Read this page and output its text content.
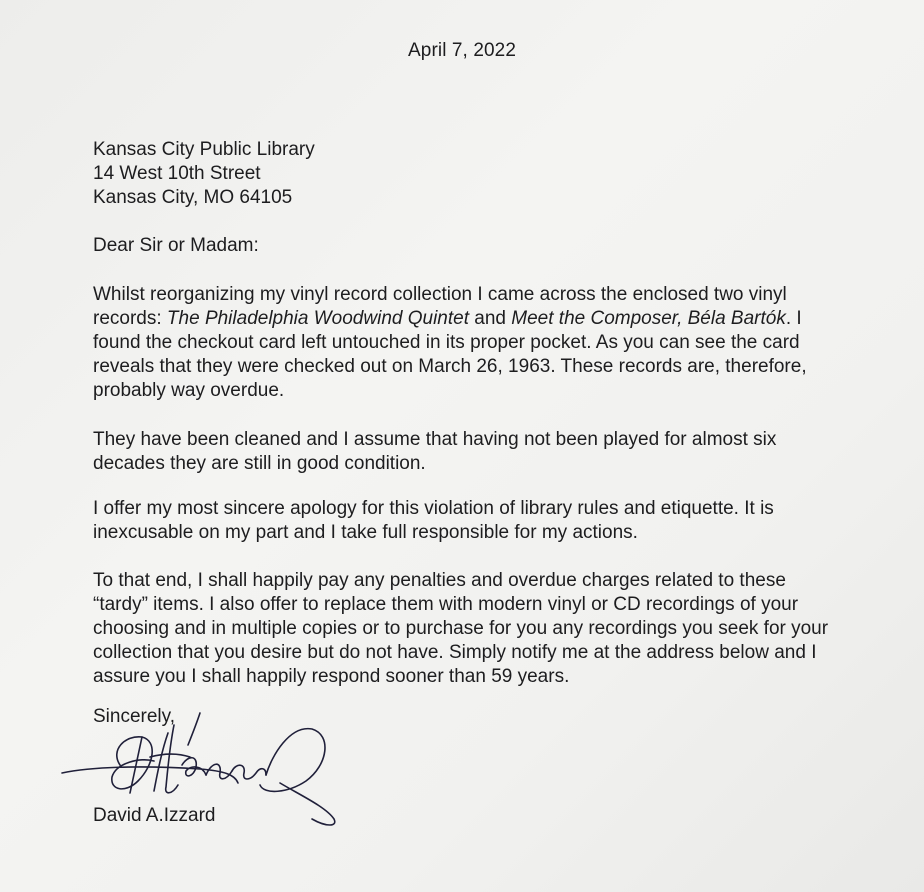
April 7, 2022
Kansas City Public Library
14 West 10th Street
Kansas City, MO 64105
Dear Sir or Madam:
Whilst reorganizing my vinyl record collection I came across the enclosed two vinyl
records: The Philadelphia Woodwind Quintet and Meet the Composer, Béla Bartók. I
found the checkout card left untouched in its proper pocket. As you can see the card
reveals that they were checked out on March 26, 1963. These records are, therefore,
probably way overdue.
They have been cleaned and I assume that having not been played for almost six
decades they are still in good condition.
I offer my most sincere apology for this violation of library rules and etiquette. It is
inexcusable on my part and I take full responsible for my actions.
To that end, I shall happily pay any penalties and overdue charges related to these
“tardy” items. I also offer to replace them with modern vinyl or CD recordings of your
choosing and in multiple copies or to purchase for you any recordings you seek for your
collection that you desire but do not have. Simply notify me at the address below and I
assure you I shall happily respond sooner than 59 years.
Sincerely,
David A.Izzard
